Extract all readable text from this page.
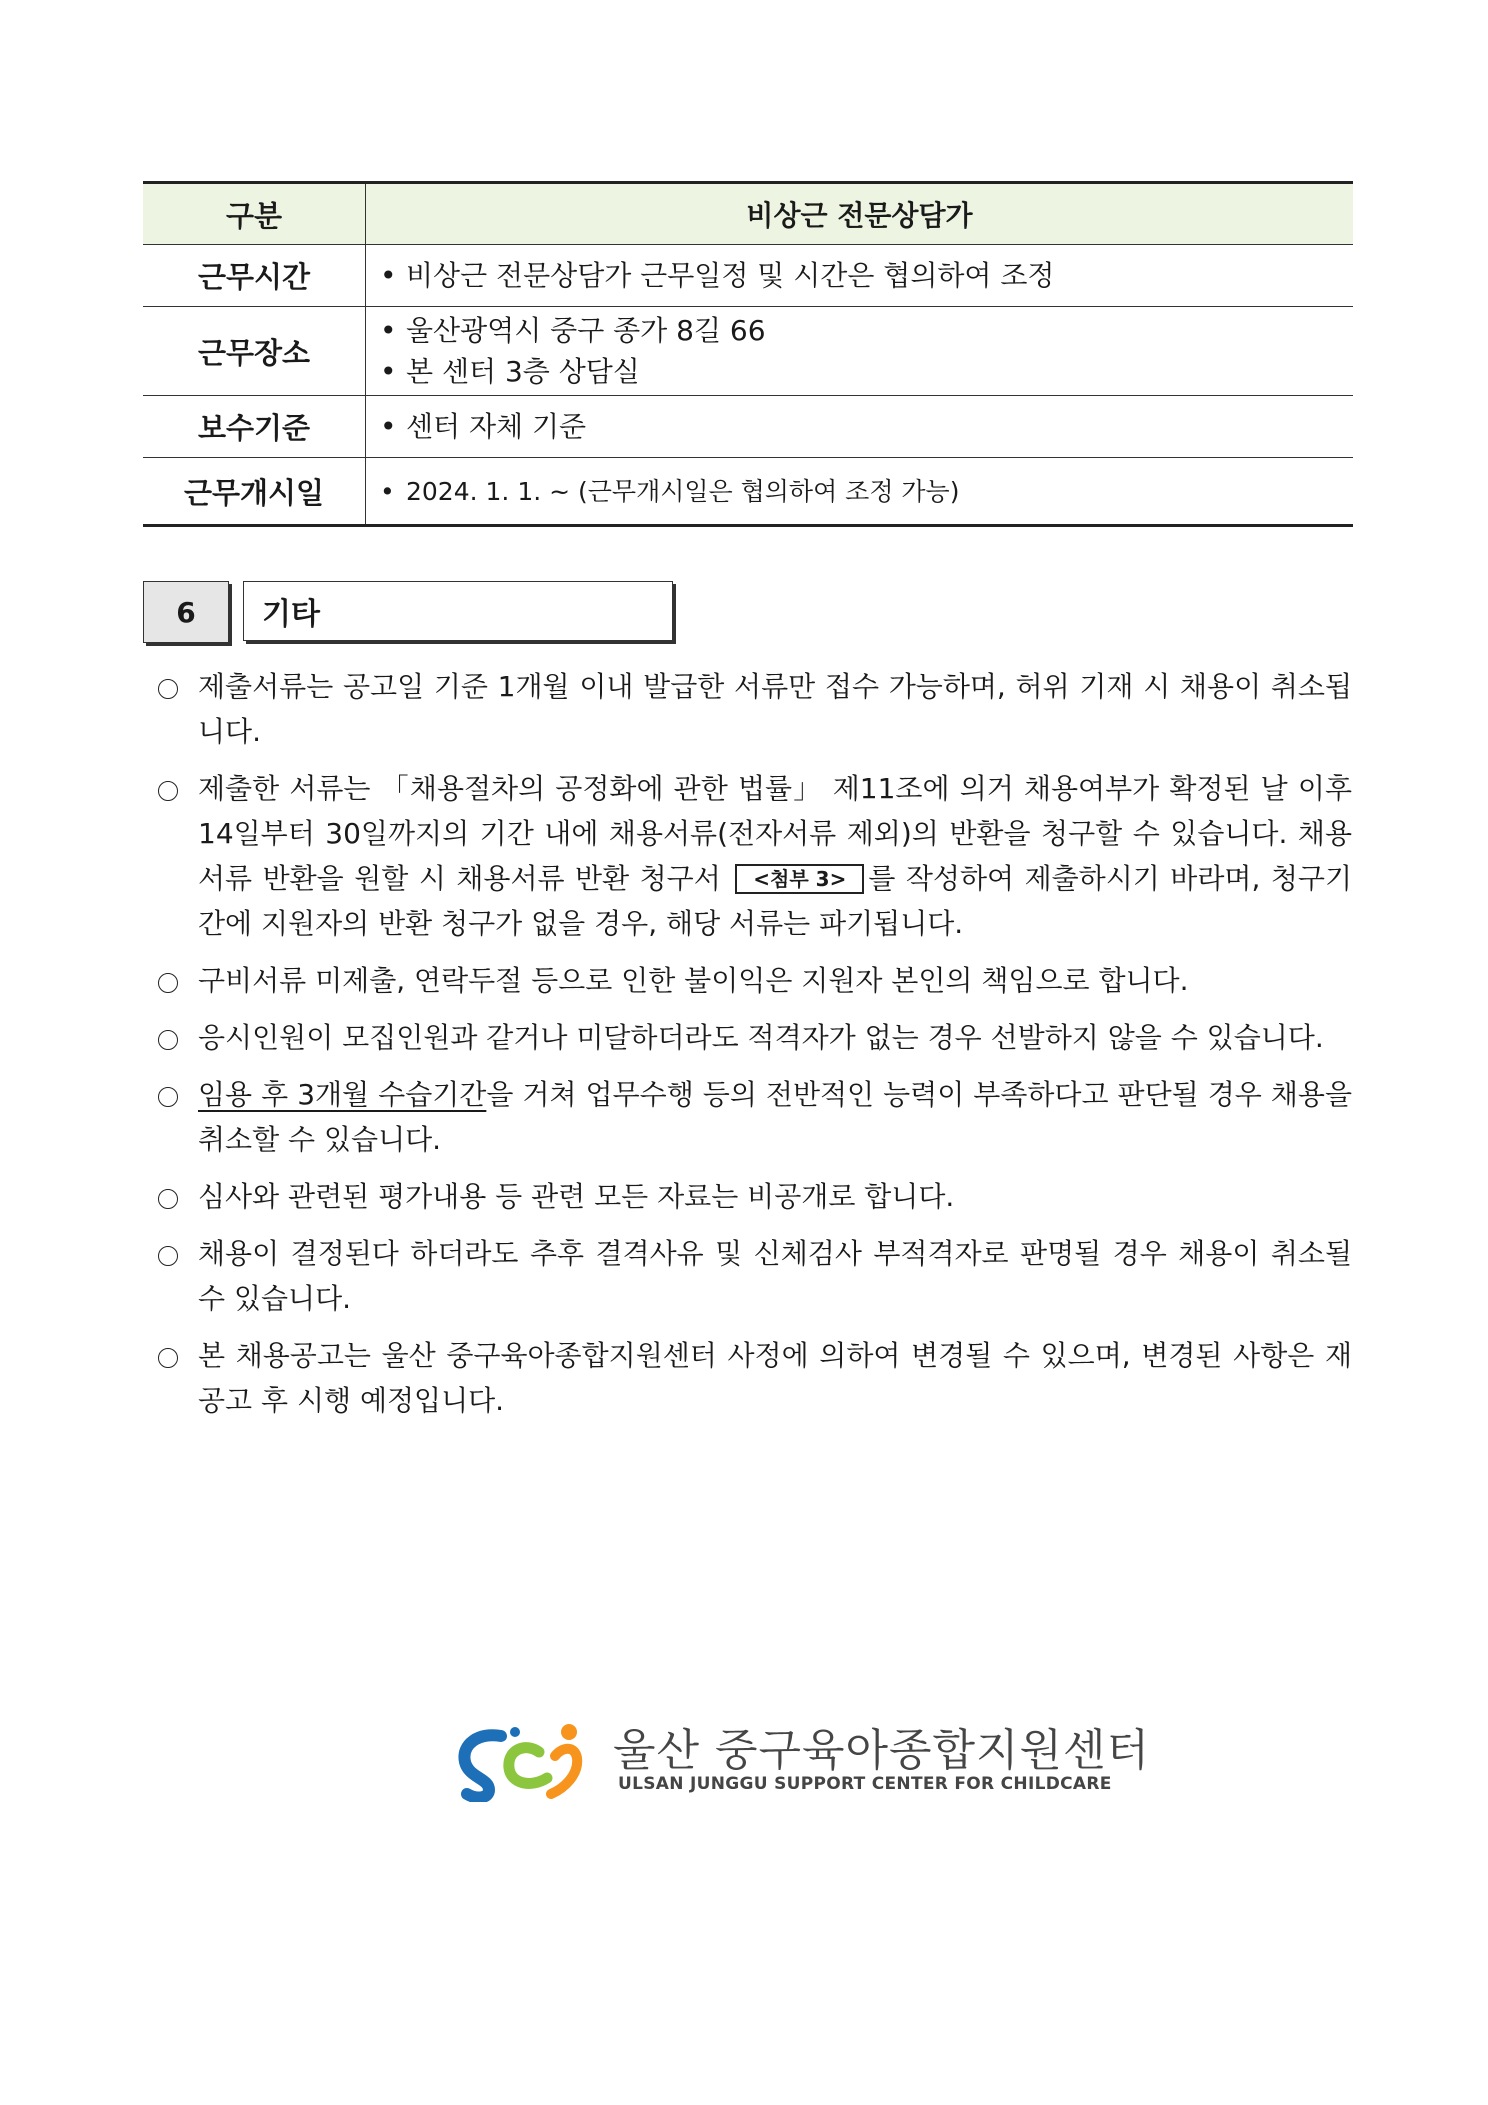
구분	비상근 전문상담가
근무시간	• 비상근 전문상담가 근무일정 및 시간은 협의하여 조정

근무장소	• 울산광역시 중구 종가 8길 66
• 본 센터 3층 상담실

보수기준	• 센터 자체 기준

근무개시일	• 2024. 1. 1. ~ (근무개시일은 협의하여 조정 가능)
6	기타
제출서류는 공고일 기준 1개월 이내 발급한 서류만 접수 가능하며, 허위 기재 시 채용이 취소됩니다.
제출한 서류는 「채용절차의 공정화에 관한 법률」 제11조에 의거 채용여부가 확정된 날 이후 14일부터 30일까지의 기간 내에 채용서류(전자서류 제외)의 반환을 청구할 수 있습니다. 채용서류 반환을 원할 시 채용서류 반환 청구서 <첨부 3> 를 작성하여 제출하시기 바라며, 청구기간에 지원자의 반환 청구가 없을 경우, 해당 서류는 파기됩니다.
구비서류 미제출, 연락두절 등으로 인한 불이익은 지원자 본인의 책임으로 합니다.
응시인원이 모집인원과 같거나 미달하더라도 적격자가 없는 경우 선발하지 않을 수 있습니다.
임용 후 3개월 수습기간을 거쳐 업무수행 등의 전반적인 능력이 부족하다고 판단될 경우 채용을 취소할 수 있습니다.
심사와 관련된 평가내용 등 관련 모든 자료는 비공개로 합니다.
채용이 결정된다 하더라도 추후 결격사유 및 신체검사 부적격자로 판명될 경우 채용이 취소될 수 있습니다.
본 채용공고는 울산 중구육아종합지원센터 사정에 의하여 변경될 수 있으며, 변경된 사항은 재공고 후 시행 예정입니다.
울산 중구육아종합지원센터
ULSAN JUNGGU SUPPORT CENTER FOR CHILDCARE
